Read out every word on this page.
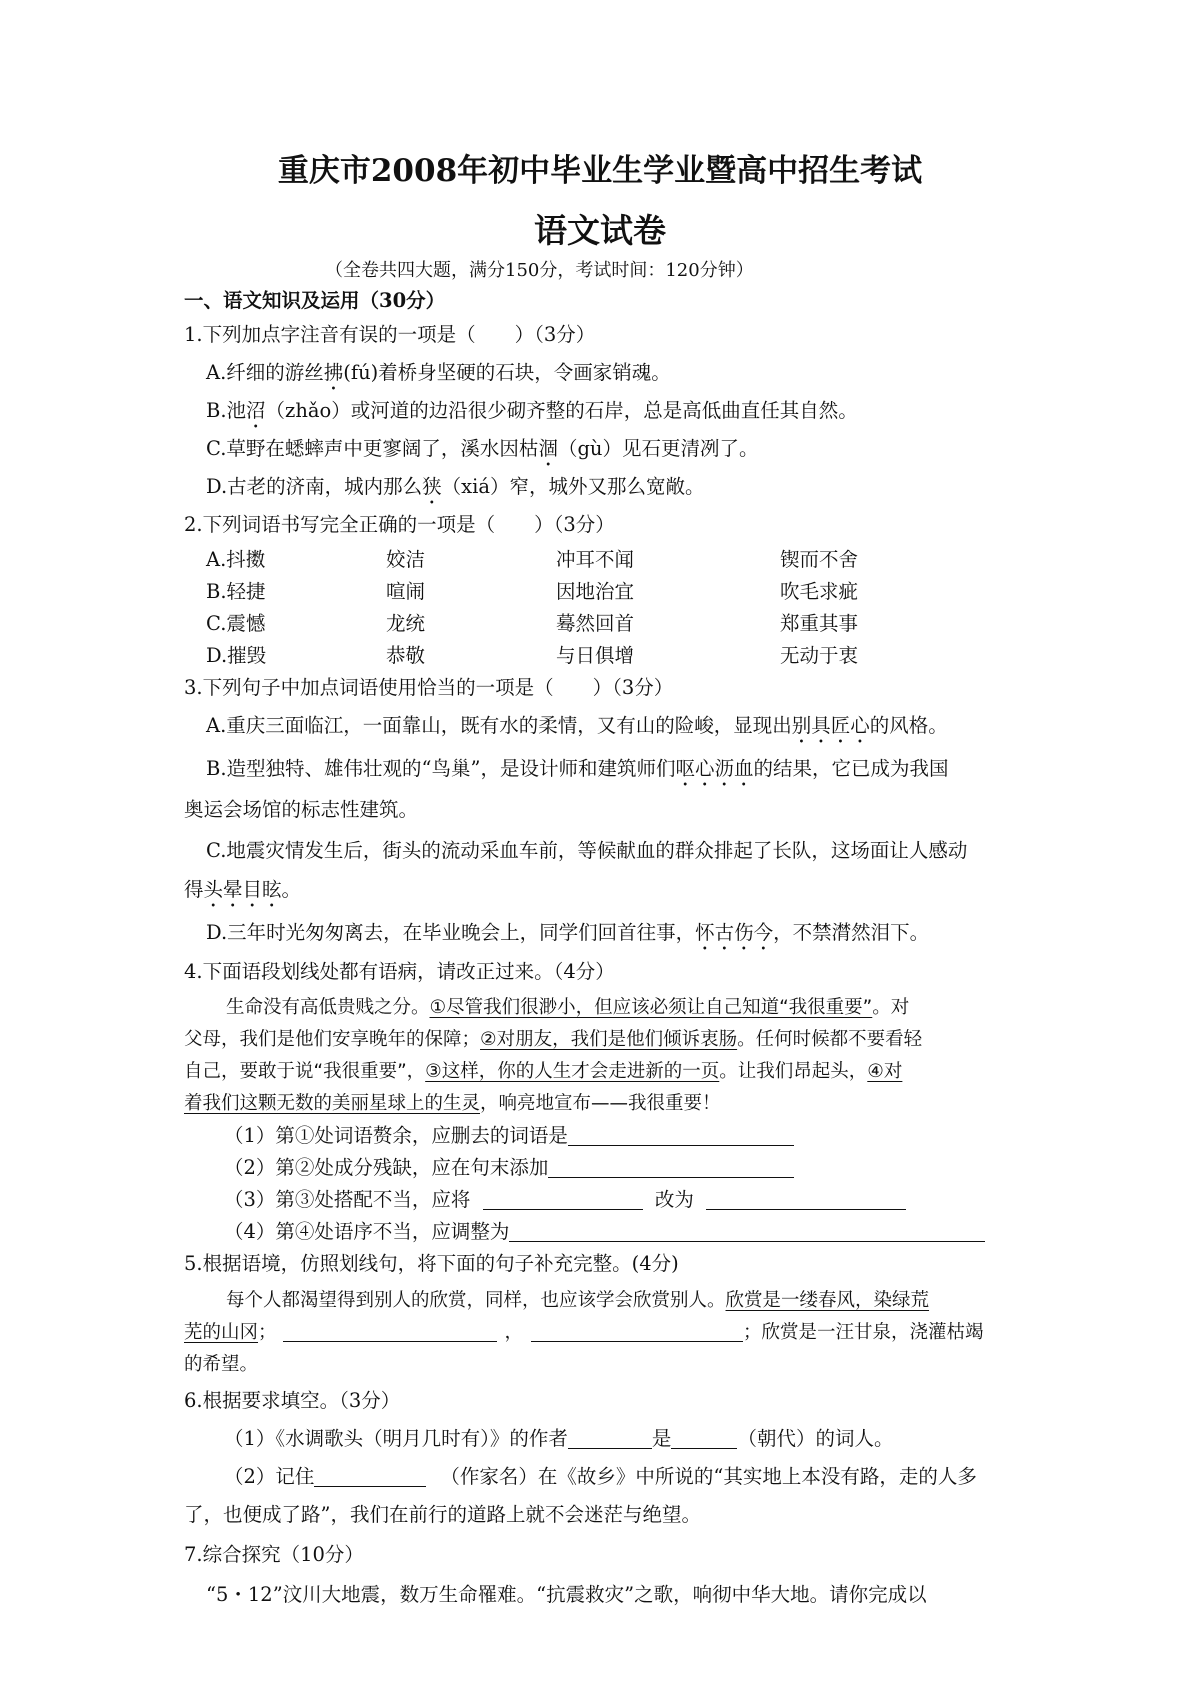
重庆市2008年初中毕业生学业暨高中招生考试
语文试卷
（全卷共四大题，满分150分，考试时间：120分钟）
一、语文知识及运用（30分）
1.下列加点字注音有误的一项是（　　）（3分）
A.纤细的游丝拂(fú)着桥身坚硬的石块，令画家销魂。
B.池沼（zhǎo）或河道的边沿很少砌齐整的石岸，总是高低曲直任其自然。
C.草野在蟋蟀声中更寥阔了，溪水因枯涸（gù）见石更清冽了。
D.古老的济南，城内那么狭（xiá）窄，城外又那么宽敞。
2.下列词语书写完全正确的一项是（　　）（3分）
A.抖擞	姣洁	冲耳不闻	锲而不舍
B.轻捷	喧闹	因地治宜	吹毛求疵
C.震憾	龙统	蓦然回首	郑重其事
D.摧毁	恭敬	与日俱增	无动于衷
3.下列句子中加点词语使用恰当的一项是（　　）（3分）
A.重庆三面临江，一面靠山，既有水的柔情，又有山的险峻，显现出别具匠心的风格。
B.造型独特、雄伟壮观的“鸟巢”，是设计师和建筑师们呕心沥血的结果，它已成为我国
奥运会场馆的标志性建筑。
C.地震灾情发生后，街头的流动采血车前，等候献血的群众排起了长队，这场面让人感动
得头晕目眩。
D.三年时光匆匆离去，在毕业晚会上，同学们回首往事，怀古伤今，不禁潸然泪下。
4.下面语段划线处都有语病，请改正过来。（4分）
生命没有高低贵贱之分。①尽管我们很渺小，但应该必须让自己知道“我很重要”。对
父母，我们是他们安享晚年的保障；②对朋友，我们是他们倾诉衷肠。任何时候都不要看轻
自己，要敢于说“我很重要”，③这样，你的人生才会走进新的一页。让我们昂起头，④对
着我们这颗无数的美丽星球上的生灵，响亮地宣布——我很重要！
（1）第①处词语赘余，应删去的词语是
（2）第②处成分残缺，应在句末添加
（3）第③处搭配不当，应将	改为
（4）第④处语序不当，应调整为
5.根据语境，仿照划线句，将下面的句子补充完整。(4分)
每个人都渴望得到别人的欣赏，同样，也应该学会欣赏别人。欣赏是一缕春风，染绿荒
芜的山冈；	，	；欣赏是一汪甘泉，浇灌枯竭
的希望。
6.根据要求填空。（3分）
（1）《水调歌头（明月几时有）》的作者	是	（朝代）的词人。
（2）记住	（作家名）在《故乡》中所说的“其实地上本没有路，走的人多
了，也便成了路”，我们在前行的道路上就不会迷茫与绝望。
7.综合探究（10分）
“5・12”汶川大地震，数万生命罹难。“抗震救灾”之歌，响彻中华大地。请你完成以
